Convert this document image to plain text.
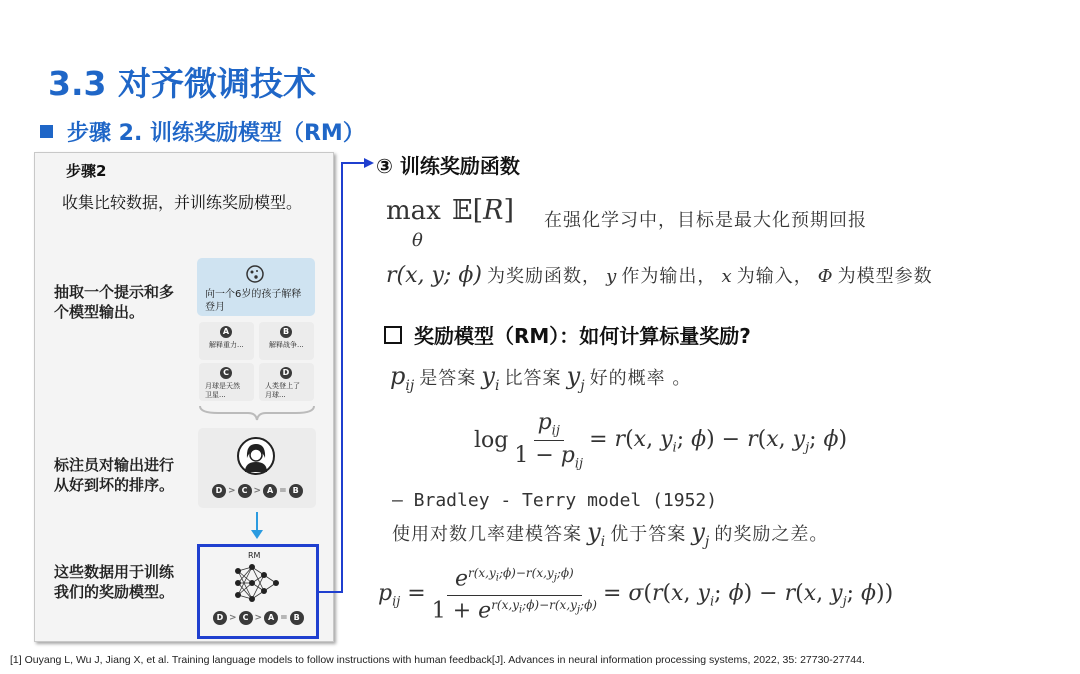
3.3 对齐微调技术
步骤 2. 训练奖励模型（RM）
步骤2
收集比较数据，并训练奖励模型。
抽取一个提示和多个模型输出。
向一个6岁的孩子解释登月
A
解释重力...
B
解释战争...
C
月球是天然
卫星...
D
人类登上了
月球...
标注员对输出进行从好到坏的排序。	D > C > A = B
这些数据用于训练我们的奖励模型。
RM
D > C > A = B
③ 训练奖励函数
max
θ
𝔼[R] 在强化学习中，目标是最大化预期回报
r(x, y; ϕ) 为奖励函数， y 作为输出， x 为输入， Φ 为模型参数
奖励模型（RM）：如何计算标量奖励?
$p_{ij}$ 是答案 $y_i$ 比答案 $y_j$ 好的概率 。
$\log \frac{p_{ij}}{1 - p_{ij}} = r(x$, $y_i$; ϕ) − r(x, $y_j$; ϕ)
— Bradley - Terry model (1952)
使用对数几率建模答案 $y_i$ 优于答案 $y_j$ 的奖励之差。
$p_{ij} = \frac{e^{r(x,y_i;\phi)-r(x,y_j;\phi)}}{1 + e^{r(x,y_i;\phi)-r(x,y_j;\phi)}} = \sigma(r(x$, $y_i$; ϕ) − r(x, $y_j$; ϕ))
[1] Ouyang L, Wu J, Jiang X, et al. Training language models to follow instructions with human feedback[J]. Advances in neural information processing systems, 2022, 35: 27730-27744.
